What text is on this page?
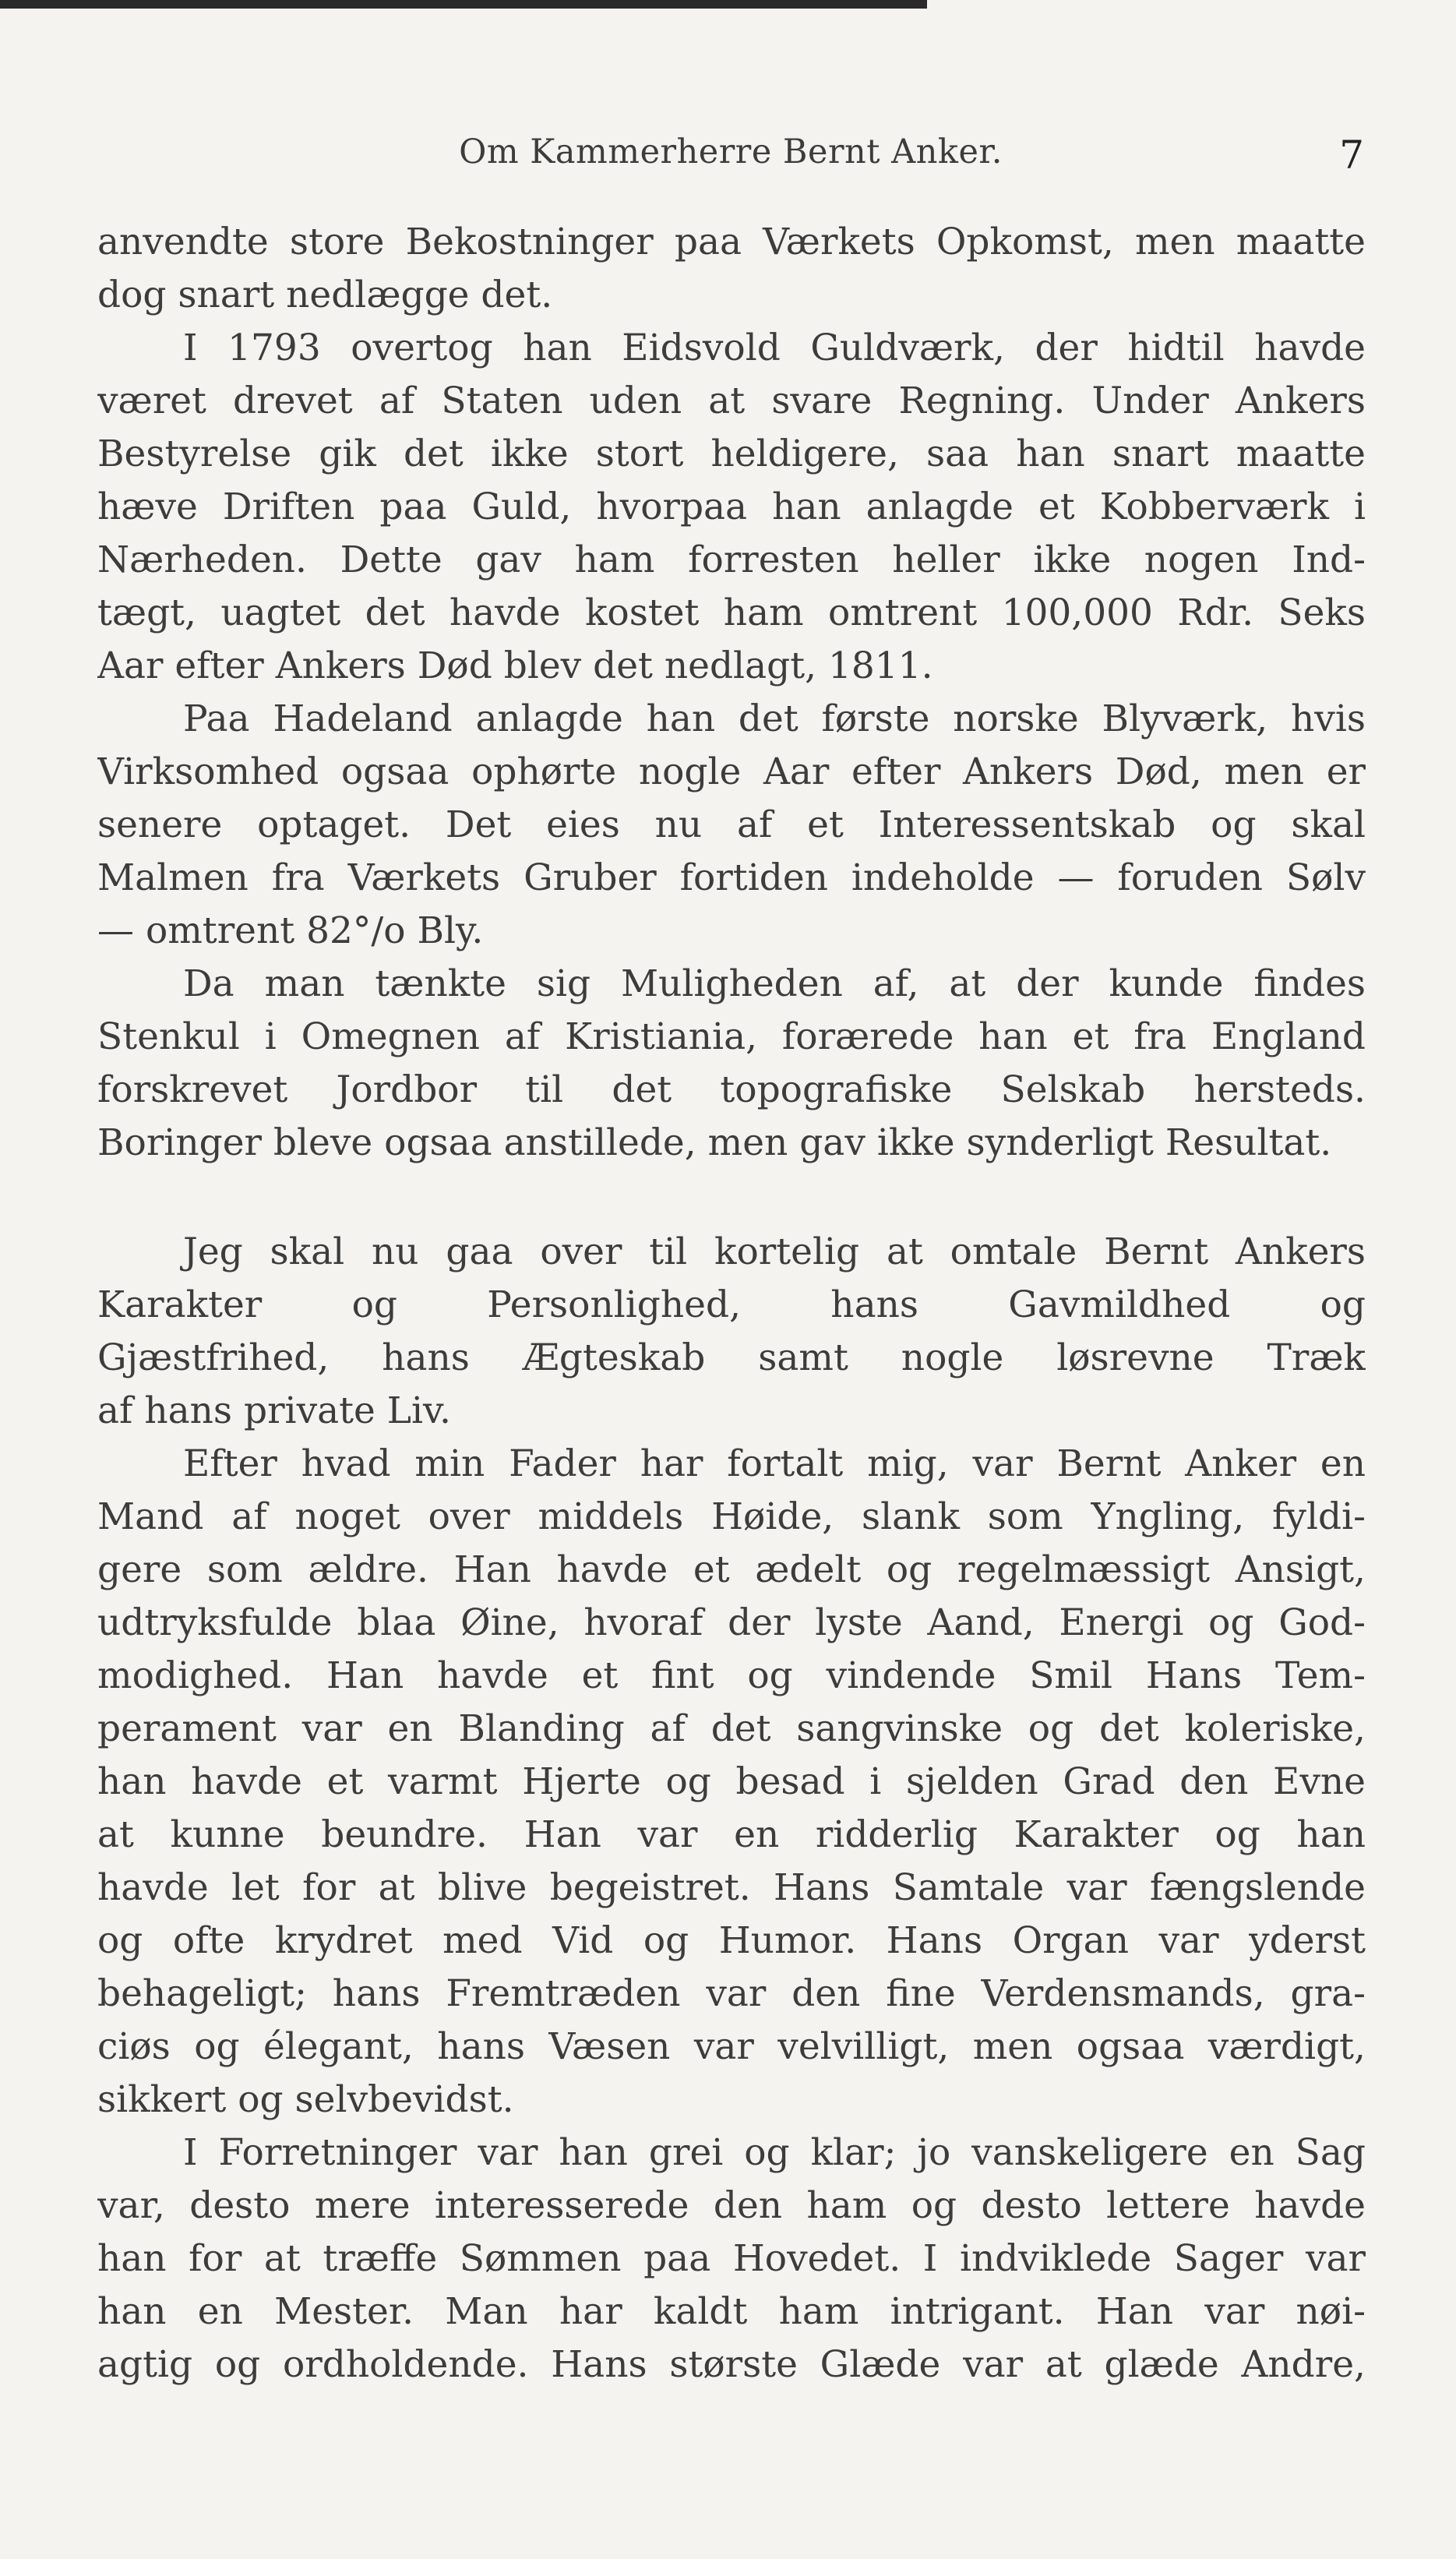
Om Kammerherre Bernt Anker.	7
anvendte store Bekostninger paa Værkets Opkomst, men maatte
dog snart nedlægge det.
I 1793 overtog han Eidsvold Guldværk, der hidtil havde
været drevet af Staten uden at svare Regning. Under Ankers
Bestyrelse gik det ikke stort heldigere, saa han snart maatte
hæve Driften paa Guld, hvorpaa han anlagde et Kobberværk i
Nærheden. Dette gav ham forresten heller ikke nogen Ind-
tægt, uagtet det havde kostet ham omtrent 100,000 Rdr. Seks
Aar efter Ankers Død blev det nedlagt, 1811.
Paa Hadeland anlagde han det første norske Blyværk, hvis
Virksomhed ogsaa ophørte nogle Aar efter Ankers Død, men er
senere optaget. Det eies nu af et Interessentskab og skal
Malmen fra Værkets Gruber fortiden indeholde — foruden Sølv
— omtrent 82°/o Bly.
Da man tænkte sig Muligheden af, at der kunde findes
Stenkul i Omegnen af Kristiania, foræred​e han et fra England
forskrevet Jordbor til det topografiske Selskab hersteds.
Boringer bleve ogsaa anstillede, men gav ikke synderligt Resultat.
Jeg skal nu gaa over til kortelig at omtale Bernt Ankers
Karakter og Personlighed, hans Gavmildhed og
Gjæstfrihed, hans Ægteskab samt nogle løsrevne Træk
af hans private Liv.
Efter hvad min Fader har fortalt mig, var Bernt Anker en
Mand af noget over middels Høide, slank som Yngling, fyldi-
gere som ældre. Han havde et ædelt og regelmæssigt Ansigt,
udtryksfulde blaa Øine, hvoraf der lyste Aand, Energi og God-
modighed. Han havde et fint og vindende Smil Hans Tem-
perament var en Blanding af det sangvinske og det koleriske,
han havde et varmt Hjerte og besad i sjelden Grad den Evne
at kunne beundre. Han var en ridderlig Karakter og han
havde let for at blive begeistret. Hans Samtale var fængslende
og ofte krydret med Vid og Humor. Hans Organ var yderst
behageligt; hans Fremtræden var den fine Verdensmands, gra-
ciøs og élegant, hans Væsen var velvilligt, men ogsaa værdigt,
sikkert og selvbevidst.
I Forretninger var han grei og klar; jo vanskeligere en Sag
var, desto mere interesserede den ham og desto lettere havde
han for at træffe Sømmen paa Hovedet. I indviklede Sager var
han en Mester. Man har kaldt ham intrigant. Han var nøi-
agtig og ordholdende. Hans største Glæde var at glæde Andre,
